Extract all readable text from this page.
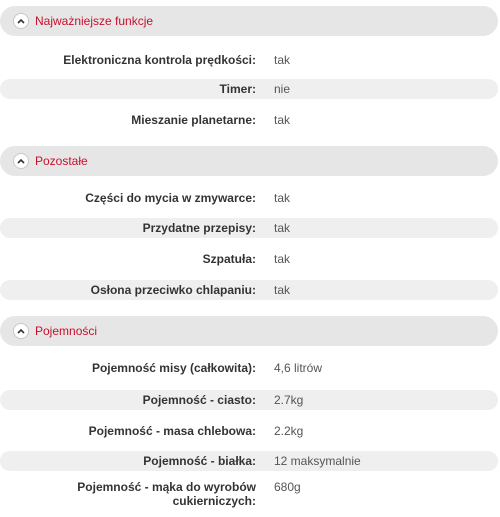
Najważniejsze funkcje
Elektroniczna kontrola prędkości: tak
Timer: nie
Mieszanie planetarne: tak
Pozostałe
Części do mycia w zmywarce: tak
Przydatne przepisy: tak
Szpatuła: tak
Osłona przeciwko chlapaniu: tak
Pojemności
Pojemność misy (całkowita): 4,6 litrów
Pojemność - ciasto: 2.7kg
Pojemność - masa chlebowa: 2.2kg
Pojemność - białka: 12 maksymalnie
Pojemność - mąka do wyrobów
cukierniczych:
680g
